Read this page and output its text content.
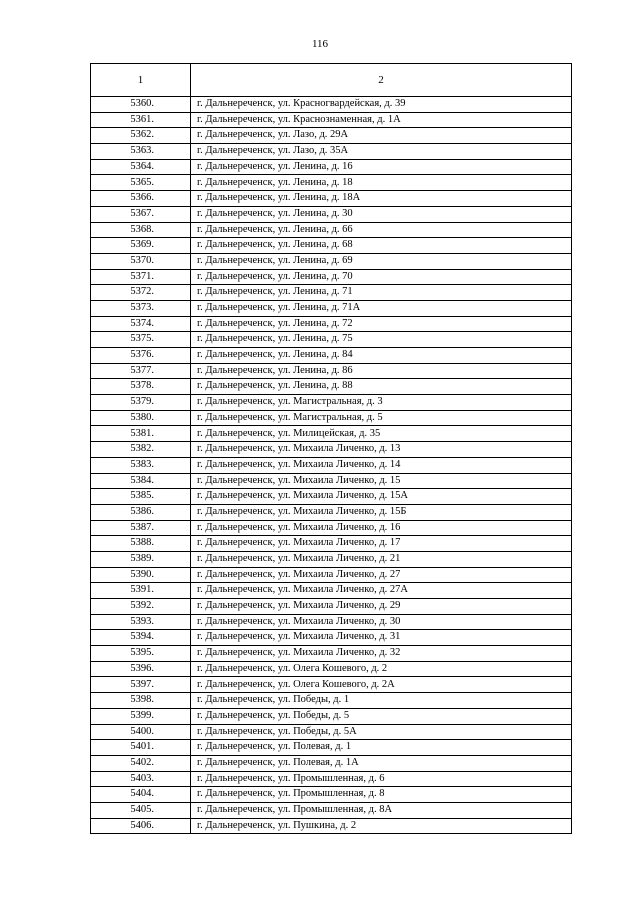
116
1	2
5360.	г. Дальнереченск, ул. Красногвардейская, д. 39
5361.	г. Дальнереченск, ул. Краснознаменная, д. 1А
5362.	г. Дальнереченск, ул. Лазо, д. 29А
5363.	г. Дальнереченск, ул. Лазо, д. 35А
5364.	г. Дальнереченск, ул. Ленина, д. 16
5365.	г. Дальнереченск, ул. Ленина, д. 18
5366.	г. Дальнереченск, ул. Ленина, д. 18А
5367.	г. Дальнереченск, ул. Ленина, д. 30
5368.	г. Дальнереченск, ул. Ленина, д. 66
5369.	г. Дальнереченск, ул. Ленина, д. 68
5370.	г. Дальнереченск, ул. Ленина, д. 69
5371.	г. Дальнереченск, ул. Ленина, д. 70
5372.	г. Дальнереченск, ул. Ленина, д. 71
5373.	г. Дальнереченск, ул. Ленина, д. 71А
5374.	г. Дальнереченск, ул. Ленина, д. 72
5375.	г. Дальнереченск, ул. Ленина, д. 75
5376.	г. Дальнереченск, ул. Ленина, д. 84
5377.	г. Дальнереченск, ул. Ленина, д. 86
5378.	г. Дальнереченск, ул. Ленина, д. 88
5379.	г. Дальнереченск, ул. Магистральная, д. 3
5380.	г. Дальнереченск, ул. Магистральная, д. 5
5381.	г. Дальнереченск, ул. Милицейская, д. 35
5382.	г. Дальнереченск, ул. Михаила Личенко, д. 13
5383.	г. Дальнереченск, ул. Михаила Личенко, д. 14
5384.	г. Дальнереченск, ул. Михаила Личенко, д. 15
5385.	г. Дальнереченск, ул. Михаила Личенко, д. 15А
5386.	г. Дальнереченск, ул. Михаила Личенко, д. 15Б
5387.	г. Дальнереченск, ул. Михаила Личенко, д. 16
5388.	г. Дальнереченск, ул. Михаила Личенко, д. 17
5389.	г. Дальнереченск, ул. Михаила Личенко, д. 21
5390.	г. Дальнереченск, ул. Михаила Личенко, д. 27
5391.	г. Дальнереченск, ул. Михаила Личенко, д. 27А
5392.	г. Дальнереченск, ул. Михаила Личенко, д. 29
5393.	г. Дальнереченск, ул. Михаила Личенко, д. 30
5394.	г. Дальнереченск, ул. Михаила Личенко, д. 31
5395.	г. Дальнереченск, ул. Михаила Личенко, д. 32
5396.	г. Дальнереченск, ул. Олега Кошевого, д. 2
5397.	г. Дальнереченск, ул. Олега Кошевого, д. 2А
5398.	г. Дальнереченск, ул. Победы, д. 1
5399.	г. Дальнереченск, ул. Победы, д. 5
5400.	г. Дальнереченск, ул. Победы, д. 5А
5401.	г. Дальнереченск, ул. Полевая, д. 1
5402.	г. Дальнереченск, ул. Полевая, д. 1А
5403.	г. Дальнереченск, ул. Промышленная, д. 6
5404.	г. Дальнереченск, ул. Промышленная, д. 8
5405.	г. Дальнереченск, ул. Промышленная, д. 8А
5406.	г. Дальнереченск, ул. Пушкина, д. 2
